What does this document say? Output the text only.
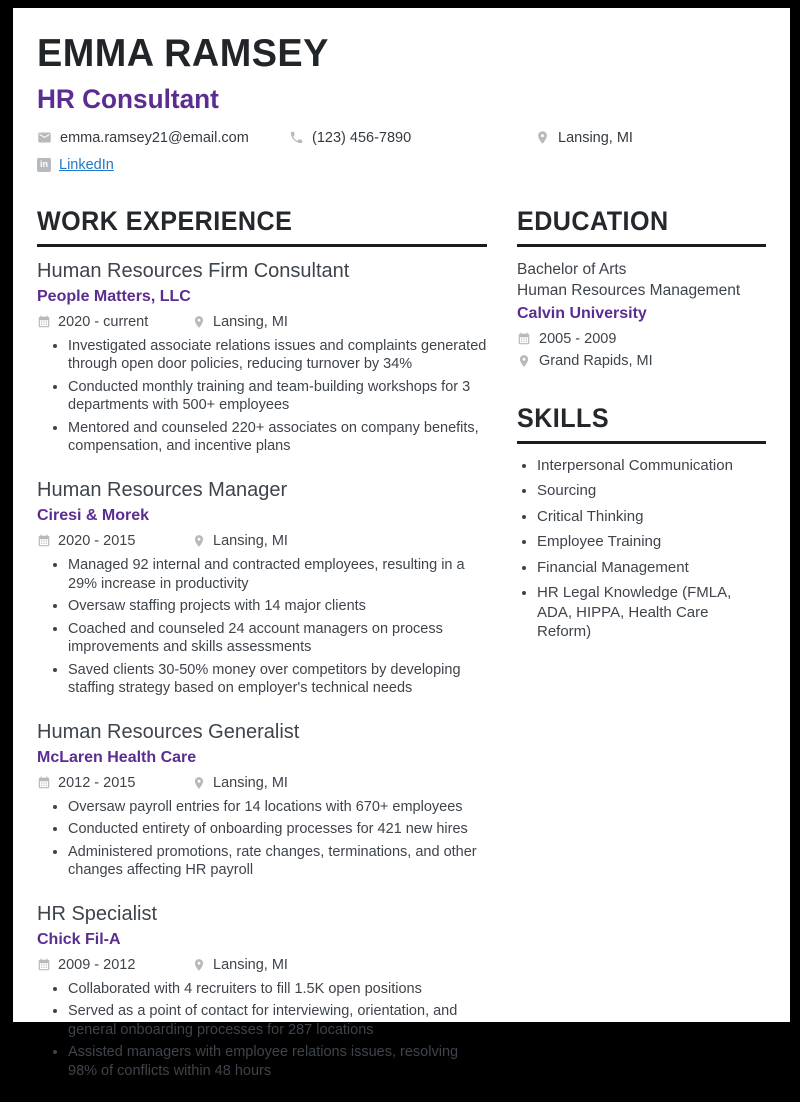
EMMA RAMSEY
HR Consultant
emma.ramsey21@email.com	(123) 456-7890	Lansing, MI
in LinkedIn
WORK EXPERIENCE
Human Resources Firm Consultant
People Matters, LLC
2020 - current	Lansing, MI
• Investigated associate relations issues and complaints generated through open door policies, reducing turnover by 34%
• Conducted monthly training and team-building workshops for 3 departments with 500+ employees
• Mentored and counseled 220+ associates on company benefits, compensation, and incentive plans
Human Resources Manager
Ciresi & Morek
2020 - 2015	Lansing, MI
• Managed 92 internal and contracted employees, resulting in a 29% increase in productivity
• Oversaw staffing projects with 14 major clients
• Coached and counseled 24 account managers on process improvements and skills assessments
• Saved clients 30-50% money over competitors by developing staffing strategy based on employer's technical needs
Human Resources Generalist
McLaren Health Care
2012 - 2015	Lansing, MI
• Oversaw payroll entries for 14 locations with 670+ employees
• Conducted entirety of onboarding processes for 421 new hires
• Administered promotions, rate changes, terminations, and other changes affecting HR payroll
HR Specialist
Chick Fil-A
2009 - 2012	Lansing, MI
• Collaborated with 4 recruiters to fill 1.5K open positions
• Served as a point of contact for interviewing, orientation, and general onboarding processes for 287 locations
• Assisted managers with employee relations issues, resolving 98% of conflicts within 48 hours
EDUCATION
Bachelor of Arts
Human Resources Management
Calvin University
2005 - 2009
Grand Rapids, MI
SKILLS
• Interpersonal Communication
• Sourcing
• Critical Thinking
• Employee Training
• Financial Management
• HR Legal Knowledge (FMLA, ADA, HIPPA, Health Care Reform)
